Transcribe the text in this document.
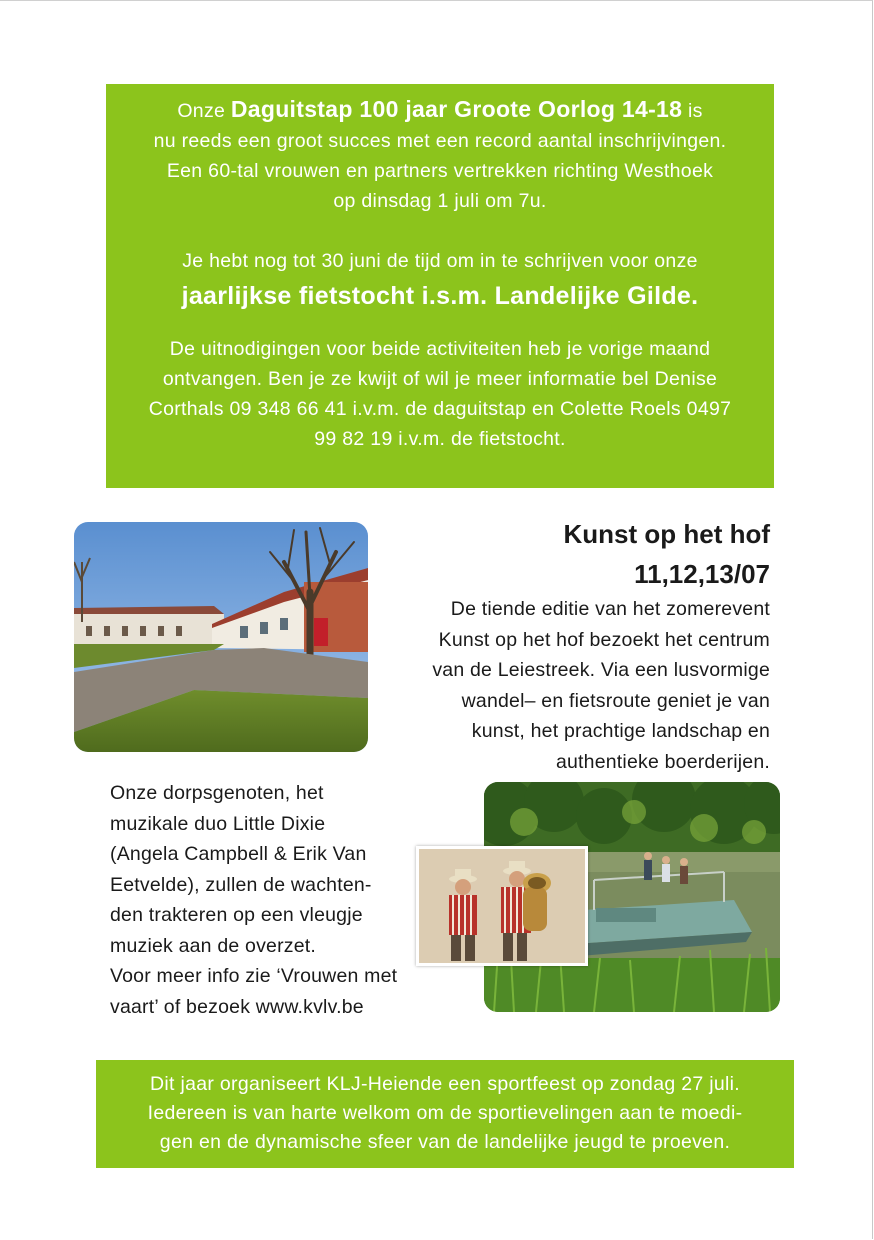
Onze Daguitstap 100 jaar Groote Oorlog 14-18 is
nu reeds een groot succes met een record aantal inschrijvingen.
Een 60-tal vrouwen en partners vertrekken richting Westhoek
op dinsdag 1 juli om 7u.

Je hebt nog tot 30 juni de tijd om in te schrijven voor onze
jaarlijkse fietstocht i.s.m. Landelijke Gilde.

De uitnodigingen voor beide activiteiten heb je vorige maand
ontvangen. Ben je ze kwijt of wil je meer informatie bel Denise
Corthals 09 348 66 41 i.v.m. de daguitstap en Colette Roels 0497
99 82 19 i.v.m. de fietstocht.

Kunst op het hof
11,12,13/07
De tiende editie van het zomerevent
Kunst op het hof bezoekt het centrum
van de Leiestreek. Via een lusvormige
wandel– en fietsroute geniet je van
kunst, het prachtige landschap en
authentieke boerderijen.
Onze dorpsgenoten, het
muzikale duo Little Dixie
(Angela Campbell & Erik Van
Eetvelde), zullen de wachten-
den trakteren op een vleugje
muziek aan de overzet.
Voor meer info zie ‘Vrouwen met
vaart’ of bezoek www.kvlv.be

Dit jaar organiseert KLJ-Heiende een sportfeest op zondag 27 juli.
Iedereen is van harte welkom om de sportievelingen aan te moedi-
gen en de dynamische sfeer van de landelijke jeugd te proeven.
